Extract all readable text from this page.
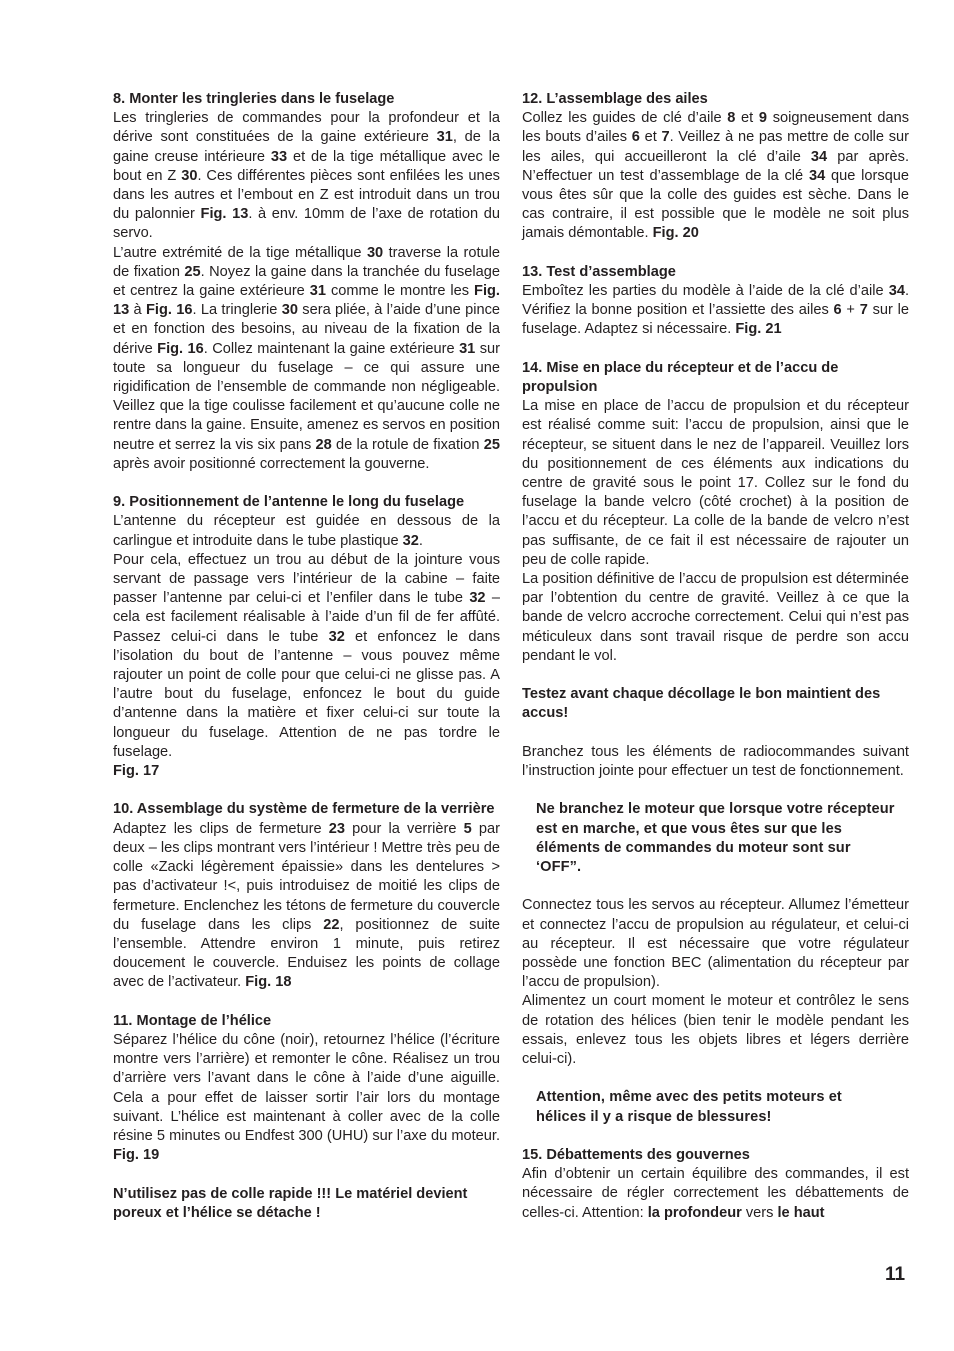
8. Monter les tringleries dans le fuselage

Les tringleries de commandes pour la profondeur et la dérive sont constituées de la gaine extérieure 31, de la gaine creuse intérieure 33 et de la tige métallique avec le bout en Z 30. Ces différentes pièces sont enfilées les unes dans les autres et l’embout en Z est introduit dans un trou du palonnier Fig. 13. à env. 10mm de l’axe de rotation du servo.

L’autre extrémité de la tige métallique 30 traverse la rotule de fixation 25. Noyez la gaine dans la tranchée du fuselage et centrez la gaine extérieure 31 comme le montre les Fig. 13 à Fig. 16. La tringlerie 30 sera pliée, à l’aide d’une pince et en fonction des besoins, au niveau de la fixation de la dérive Fig. 16. Collez maintenant la gaine extérieure 31 sur toute sa longueur du fuselage – ce qui assure une rigidification de l’ensemble de commande non négligeable. Veillez que la tige coulisse facilement et qu’aucune colle ne rentre dans la gaine. Ensuite, amenez es servos en position neutre et serrez la vis six pans 28 de la rotule de fixation 25 après avoir positionné correctement la gouverne.

9. Positionnement de l’antenne le long du fuselage

L’antenne du récepteur est guidée en dessous de la carlingue et introduite dans le tube plastique 32.

Pour cela, effectuez un trou au début de la jointure vous servant de passage vers l’intérieur de la cabine – faite passer l’antenne par celui-ci et l’enfiler dans le tube 32 – cela est facilement réalisable à l’aide d’un fil de fer affûté. Passez celui-ci dans le tube 32 et enfoncez le dans l’isolation du bout de l’antenne – vous pouvez même rajouter un point de colle pour que celui-ci ne glisse pas. A l’autre bout du fuselage, enfoncez le bout du guide d’antenne dans la matière et fixer celui-ci sur toute la longueur du fuselage. Attention de ne pas tordre le fuselage.

Fig. 17
10. Assemblage du système de fermeture de la verrière

Adaptez les clips de fermeture 23 pour la verrière 5 par deux – les clips montrant vers l’intérieur ! Mettre très peu de colle «Zacki légèrement épaissie» dans les dentelures > pas d’activateur !<, puis introduisez de moitié les clips de fermeture. Enclenchez les tétons de fermeture du couvercle du fuselage dans les clips 22, positionnez de suite l’ensemble. Attendre environ 1 minute, puis retirez doucement le couvercle. Enduisez les points de collage avec de l’activateur. Fig. 18

11. Montage de l’hélice

Séparez l’hélice du cône (noir), retournez l’hélice (l’écriture montre vers l’arrière) et remonter le cône. Réalisez un trou d’arrière vers l’avant dans le cône à l’aide d’une aiguille. Cela a pour effet de laisser sortir l’air lors du montage suivant. L’hélice est maintenant à coller avec de la colle résine 5 minutes ou Endfest 300 (UHU) sur l’axe du moteur. Fig. 19

N’utilisez pas de colle rapide !!! Le matériel devient poreux et l’hélice se détache !
12. L’assemblage des ailes

Collez les guides de clé d’aile 8 et 9 soigneusement dans les bouts d’ailes 6 et 7. Veillez à ne pas mettre de colle sur les ailes, qui accueilleront la clé d’aile 34 par après. N’effectuer un test d’assemblage de la clé 34 que lorsque vous êtes sûr que la colle des guides est sèche. Dans le cas contraire, il est possible que le modèle ne soit plus jamais démontable. Fig. 20

13. Test d’assemblage

Emboîtez les parties du modèle à l’aide de la clé d’aile 34. Vérifiez la bonne position et l’assiette des ailes 6 + 7 sur le fuselage. Adaptez si nécessaire. Fig. 21

14. Mise en place du récepteur et de l’accu de propulsion

La mise en place de l’accu de propulsion et du récepteur est réalisé comme suit: l’accu de propulsion, ainsi que le récepteur, se situent dans le nez de l’appareil. Veuillez lors du positionnement de ces éléments aux indications du centre de gravité sous le point 17. Collez sur le fond du fuselage la bande velcro (côté crochet) à la position de l’accu et du récepteur. La colle de la bande de velcro n’est pas suffisante, de ce fait il est nécessaire de rajouter un peu de colle rapide.

La position définitive de l’accu de propulsion est déterminée par l’obtention du centre de gravité. Veillez à ce que la bande de velcro accroche correctement. Celui qui n’est pas méticuleux dans sont travail risque de perdre son accu pendant le vol.

Testez avant chaque décollage le bon maintient des accus!

Branchez tous les éléments de radiocommandes suivant l’instruction jointe pour effectuer un test de fonctionnement.

Ne branchez le moteur que lorsque votre récepteur est en marche, et que vous êtes sur que les éléments de commandes du moteur sont sur ‘OFF”.

Connectez tous les servos au récepteur. Allumez l’émetteur et connectez l’accu de propulsion au régulateur, et celui-ci au récepteur. Il est nécessaire que votre régulateur possède une fonction BEC (alimentation du récepteur par l’accu de propulsion).

Alimentez un court moment le moteur et contrôlez le sens de rotation des hélices (bien tenir le modèle pendant les essais, enlevez tous les objets libres et légers derrière celui-ci).

Attention, même avec des petits moteurs et hélices il y a risque de blessures!
15. Débattements des gouvernes

Afin d’obtenir un certain équilibre des commandes, il est nécessaire de régler correctement les débattements de celles-ci. Attention: la profondeur vers le haut

11
